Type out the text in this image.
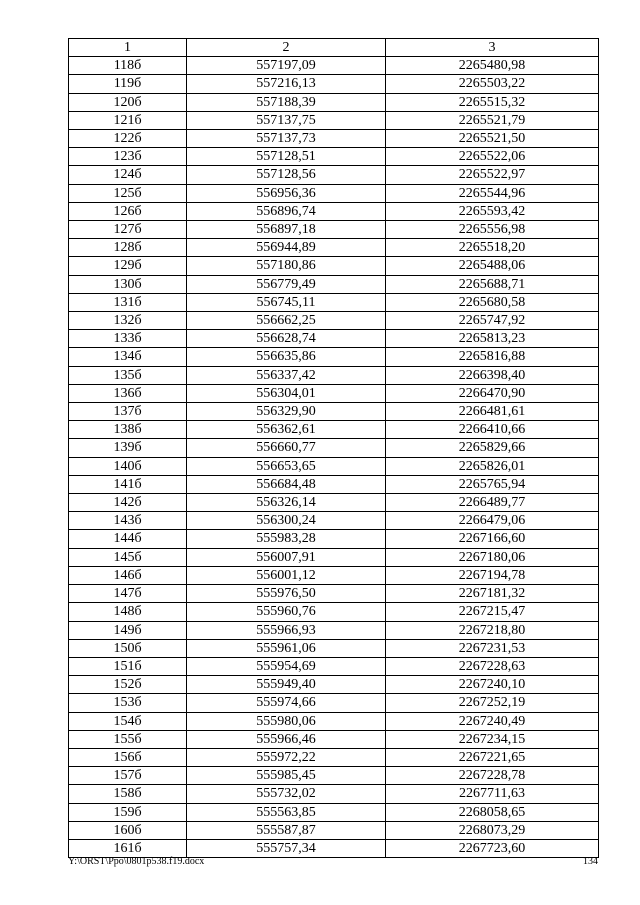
1	2	3
118б	557197,09	2265480,98
119б	557216,13	2265503,22
120б	557188,39	2265515,32
121б	557137,75	2265521,79
122б	557137,73	2265521,50
123б	557128,51	2265522,06
124б	557128,56	2265522,97
125б	556956,36	2265544,96
126б	556896,74	2265593,42
127б	556897,18	2265556,98
128б	556944,89	2265518,20
129б	557180,86	2265488,06
130б	556779,49	2265688,71
131б	556745,11	2265680,58
132б	556662,25	2265747,92
133б	556628,74	2265813,23
134б	556635,86	2265816,88
135б	556337,42	2266398,40
136б	556304,01	2266470,90
137б	556329,90	2266481,61
138б	556362,61	2266410,66
139б	556660,77	2265829,66
140б	556653,65	2265826,01
141б	556684,48	2265765,94
142б	556326,14	2266489,77
143б	556300,24	2266479,06
144б	555983,28	2267166,60
145б	556007,91	2267180,06
146б	556001,12	2267194,78
147б	555976,50	2267181,32
148б	555960,76	2267215,47
149б	555966,93	2267218,80
150б	555961,06	2267231,53
151б	555954,69	2267228,63
152б	555949,40	2267240,10
153б	555974,66	2267252,19
154б	555980,06	2267240,49
155б	555966,46	2267234,15
156б	555972,22	2267221,65
157б	555985,45	2267228,78
158б	555732,02	2267711,63
159б	555563,85	2268058,65
160б	555587,87	2268073,29
161б	555757,34	2267723,60
Y:\ORST\Ppo\0801p538.f19.docx	134
